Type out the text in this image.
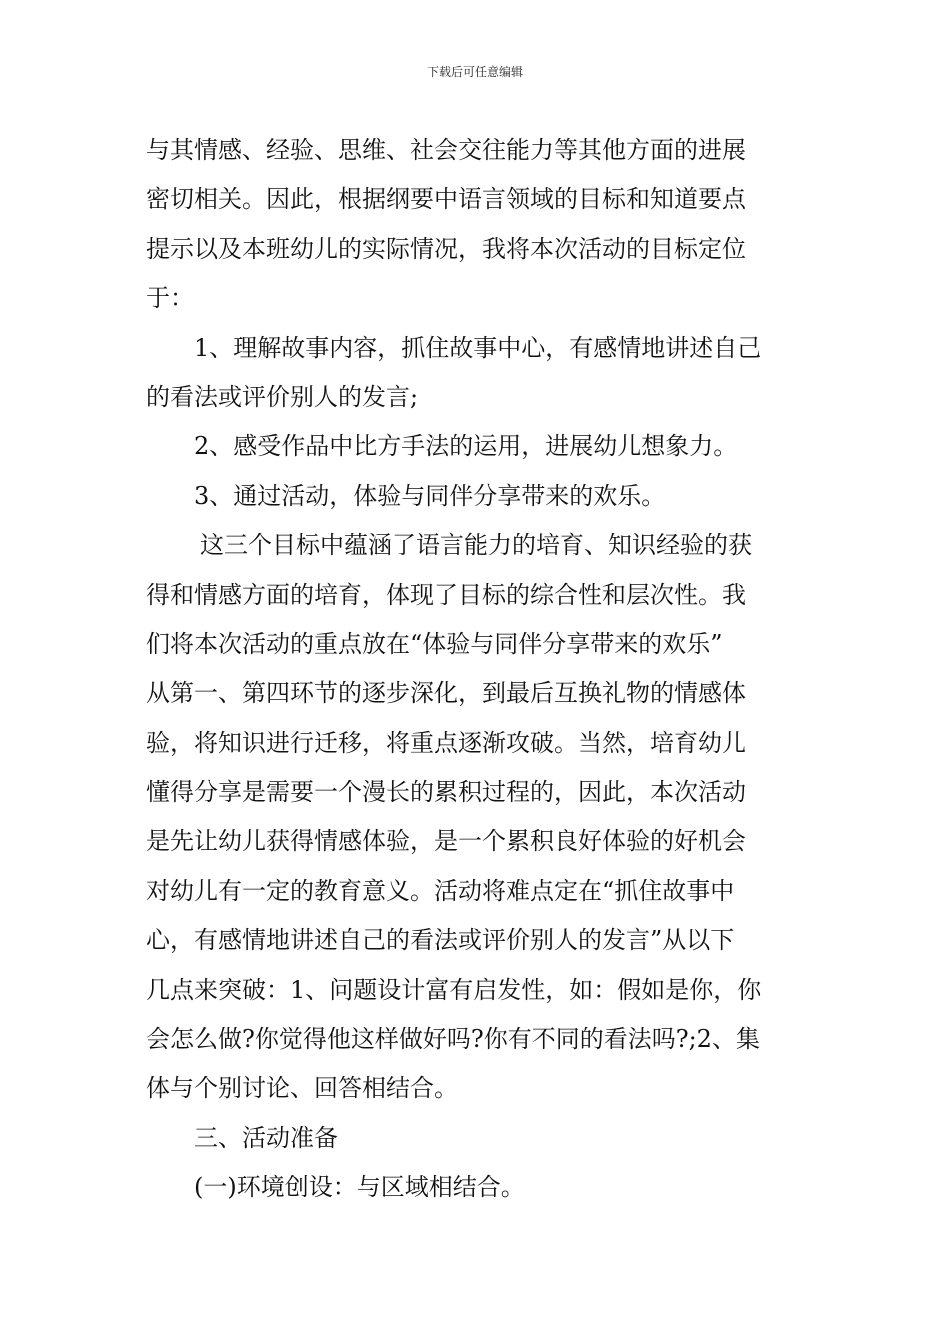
下载后可任意编辑
与其情感、经验、思维、社会交往能力等其他方面的进展
密切相关。因此，根据纲要中语言领域的目标和知道要点
提示以及本班幼儿的实际情况，我将本次活动的目标定位
于：
1、理解故事内容，抓住故事中心，有感情地讲述自己
的看法或评价别人的发言;
2、感受作品中比方手法的运用，进展幼儿想象力。
3、通过活动，体验与同伴分享带来的欢乐。
这三个目标中蕴涵了语言能力的培育、知识经验的获
得和情感方面的培育，体现了目标的综合性和层次性。我
们将本次活动的重点放在“体验与同伴分享带来的欢乐”
从第一、第四环节的逐步深化，到最后互换礼物的情感体
验，将知识进行迁移，将重点逐渐攻破。当然，培育幼儿
懂得分享是需要一个漫长的累积过程的，因此，本次活动
是先让幼儿获得情感体验，是一个累积良好体验的好机会
对幼儿有一定的教育意义。活动将难点定在“抓住故事中
心，有感情地讲述自己的看法或评价别人的发言”从以下
几点来突破：1、问题设计富有启发性，如：假如是你，你
会怎么做?你觉得他这样做好吗?你有不同的看法吗?;2、集
体与个别讨论、回答相结合。
三、活动准备
(一)环境创设：与区域相结合。
